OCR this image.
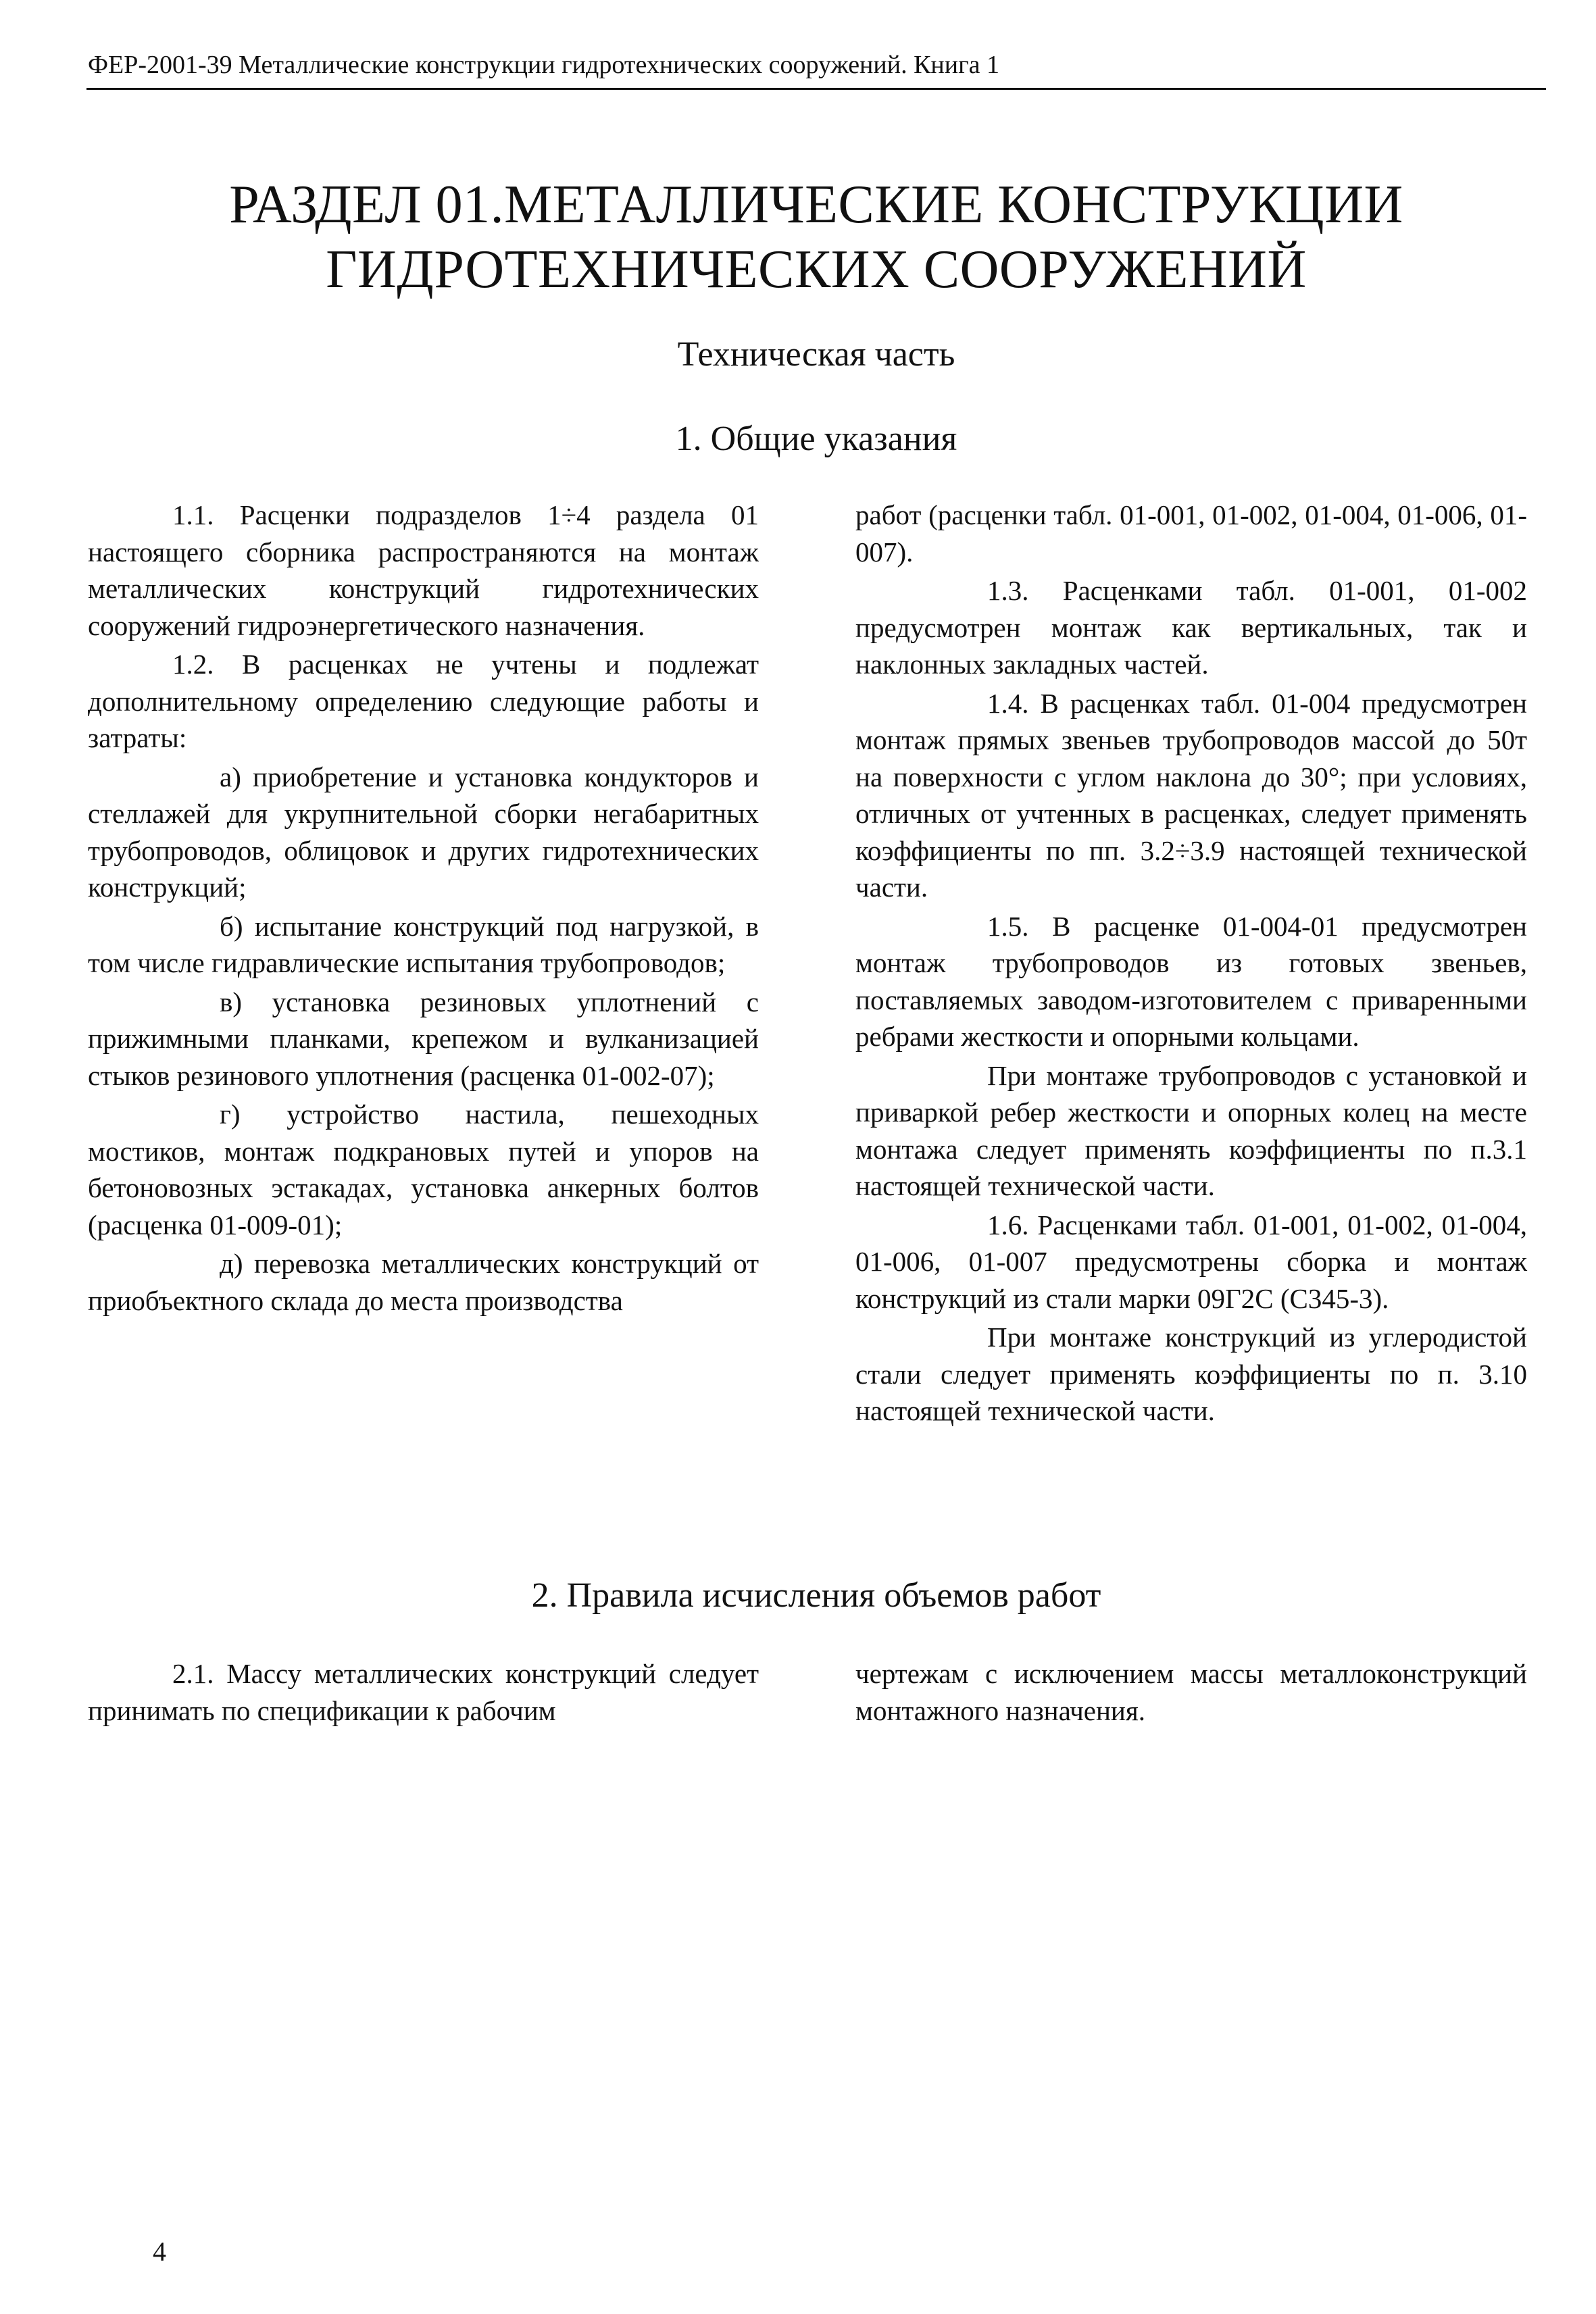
ФЕР-2001-39 Металлические конструкции гидротехнических сооружений. Книга 1
РАЗДЕЛ 01.МЕТАЛЛИЧЕСКИЕ КОНСТРУКЦИИ
ГИДРОТЕХНИЧЕСКИХ СООРУЖЕНИЙ
Техническая часть
1. Общие указания

1.1. Расценки подразделов 1÷4 раздела 01 настоящего сборника распространяются на монтаж металлических конструкций гидротехнических сооружений гидроэнергетического назначения.

1.2. В расценках не учтены и подлежат дополнительному определению следующие работы и затраты:

а) приобретение и установка кондукторов и стеллажей для укрупнительной сборки негабаритных трубопроводов, облицовок и других гидротехнических конструкций;

б) испытание конструкций под нагрузкой, в том числе гидравлические испытания трубопроводов;

в) установка резиновых уплотнений с прижимными планками, крепежом и вулканизацией стыков резинового уплотнения (расценка 01-002-07);

г) устройство настила, пешеходных мостиков, монтаж подкрановых путей и упоров на бетоновозных эстакадах, установка анкерных болтов (расценка 01-009-01);

д) перевозка металлических конструкций от приобъектного склада до места производства

работ (расценки табл. 01-001, 01-002, 01-004, 01-006, 01-007).

1.3. Расценками табл. 01-001, 01-002 предусмотрен монтаж как вертикальных, так и наклонных закладных частей.

1.4. В расценках табл. 01-004 предусмотрен монтаж прямых звеньев трубопроводов массой до 50т на поверхности с углом наклона до 30°; при условиях, отличных от учтенных в расценках, следует применять коэффициенты по пп. 3.2÷3.9 настоящей технической части.

1.5. В расценке 01-004-01 предусмотрен монтаж трубопроводов из готовых звеньев, поставляемых заводом-изготовителем с приваренными ребрами жесткости и опорными кольцами.

При монтаже трубопроводов с установкой и приваркой ребер жесткости и опорных колец на месте монтажа следует применять коэффициенты по п.3.1 настоящей технической части.

1.6. Расценками табл. 01-001, 01-002, 01-004, 01-006, 01-007 предусмотрены сборка и монтаж конструкций из стали марки 09Г2С (С345-3).

При монтаже конструкций из углеродистой стали следует применять коэффициенты по п. 3.10 настоящей технической части.

2. Правила исчисления объемов работ

2.1. Массу металлических конструкций следует принимать по спецификации к рабочим

чертежам с исключением массы металлоконструкций монтажного назначения.

4
